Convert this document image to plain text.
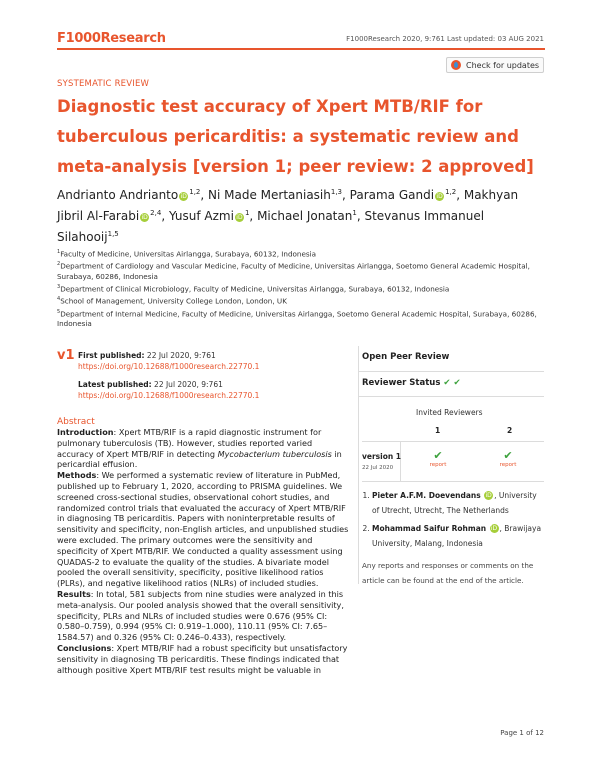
F1000Research	F1000Research 2020, 9:761 Last updated: 03 AUG 2021
Check for updates
SYSTEMATIC REVIEW
Diagnostic test accuracy of Xpert MTB/RIF for tuberculous pericarditis: a systematic review and meta-analysis [version 1; peer review: 2 approved]
Andrianto Andrianto iD$^{1,2}$, Ni Made Mertaniasih$^{1,3}$, Parama Gandi iD$^{1,2}$, Makhyan Jibril Al-Farabi iD$^{2,4}$, Yusuf Azmi $iD^1$, Michael Jonatan$^1$, Stevanus Immanuel Silahooij$^{1,5}$

$^1$Faculty of Medicine, Universitas Airlangga, Surabaya, 60132, Indonesia

$^2$Department of Cardiology and Vascular Medicine, Faculty of Medicine, Universitas Airlangga, Soetomo General Academic Hospital, Surabaya, 60286, Indonesia

$^3$Department of Clinical Microbiology, Faculty of Medicine, Universitas Airlangga, Surabaya, 60132, Indonesia

$^4$School of Management, University College London, London, UK

$^5$Department of Internal Medicine, Faculty of Medicine, Universitas Airlangga, Soetomo General Academic Hospital, Surabaya, 60286, Indonesia

v1 First published: 22 Jul 2020, 9:761
https://doi.org/10.12688/f1000research.22770.1
Latest published: 22 Jul 2020, 9:761
https://doi.org/10.12688/f1000research.22770.1
Abstract

Introduction: Xpert MTB/RIF is a rapid diagnostic instrument for pulmonary tuberculosis (TB). However, studies reported varied accuracy of Xpert MTB/RIF in detecting Mycobacterium tuberculosis in pericardial effusion.

Methods: We performed a systematic review of literature in PubMed, published up to February 1, 2020, according to PRISMA guidelines. We screened cross-sectional studies, observational cohort studies, and randomized control trials that evaluated the accuracy of Xpert MTB/RIF in diagnosing TB pericarditis. Papers with noninterpretable results of sensitivity and specificity, non-English articles, and unpublished studies were excluded. The primary outcomes were the sensitivity and specificity of Xpert MTB/RIF. We conducted a quality assessment using QUADAS-2 to evaluate the quality of the studies. A bivariate model pooled the overall sensitivity, specificity, positive likelihood ratios (PLRs), and negative likelihood ratios (NLRs) of included studies.

Results: In total, 581 subjects from nine studies were analyzed in this meta-analysis. Our pooled analysis showed that the overall sensitivity, specificity, PLRs and NLRs of included studies were 0.676 (95% CI: 0.580–0.759), 0.994 (95% CI: 0.919–1.000), 110.11 (95% CI: 7.65–1584.57) and 0.326 (95% CI: 0.246–0.433), respectively.

Conclusions: Xpert MTB/RIF had a robust specificity but unsatisfactory sensitivity in diagnosing TB pericarditis. These findings indicated that although positive Xpert MTB/RIF test results might be valuable in

Open Peer Review
Reviewer Status ✔ ✔
Invited Reviewers
1	2
version 1
22 Jul 2020
✔
report
✔
report
1. Pieter A.F.M. Doevendans iD , University of Utrecht, Utrecht, The Netherlands
2. Mohammad Saifur Rohman iD , Brawijaya University, Malang, Indonesia
Any reports and responses or comments on the article can be found at the end of the article.
Page 1 of 12
